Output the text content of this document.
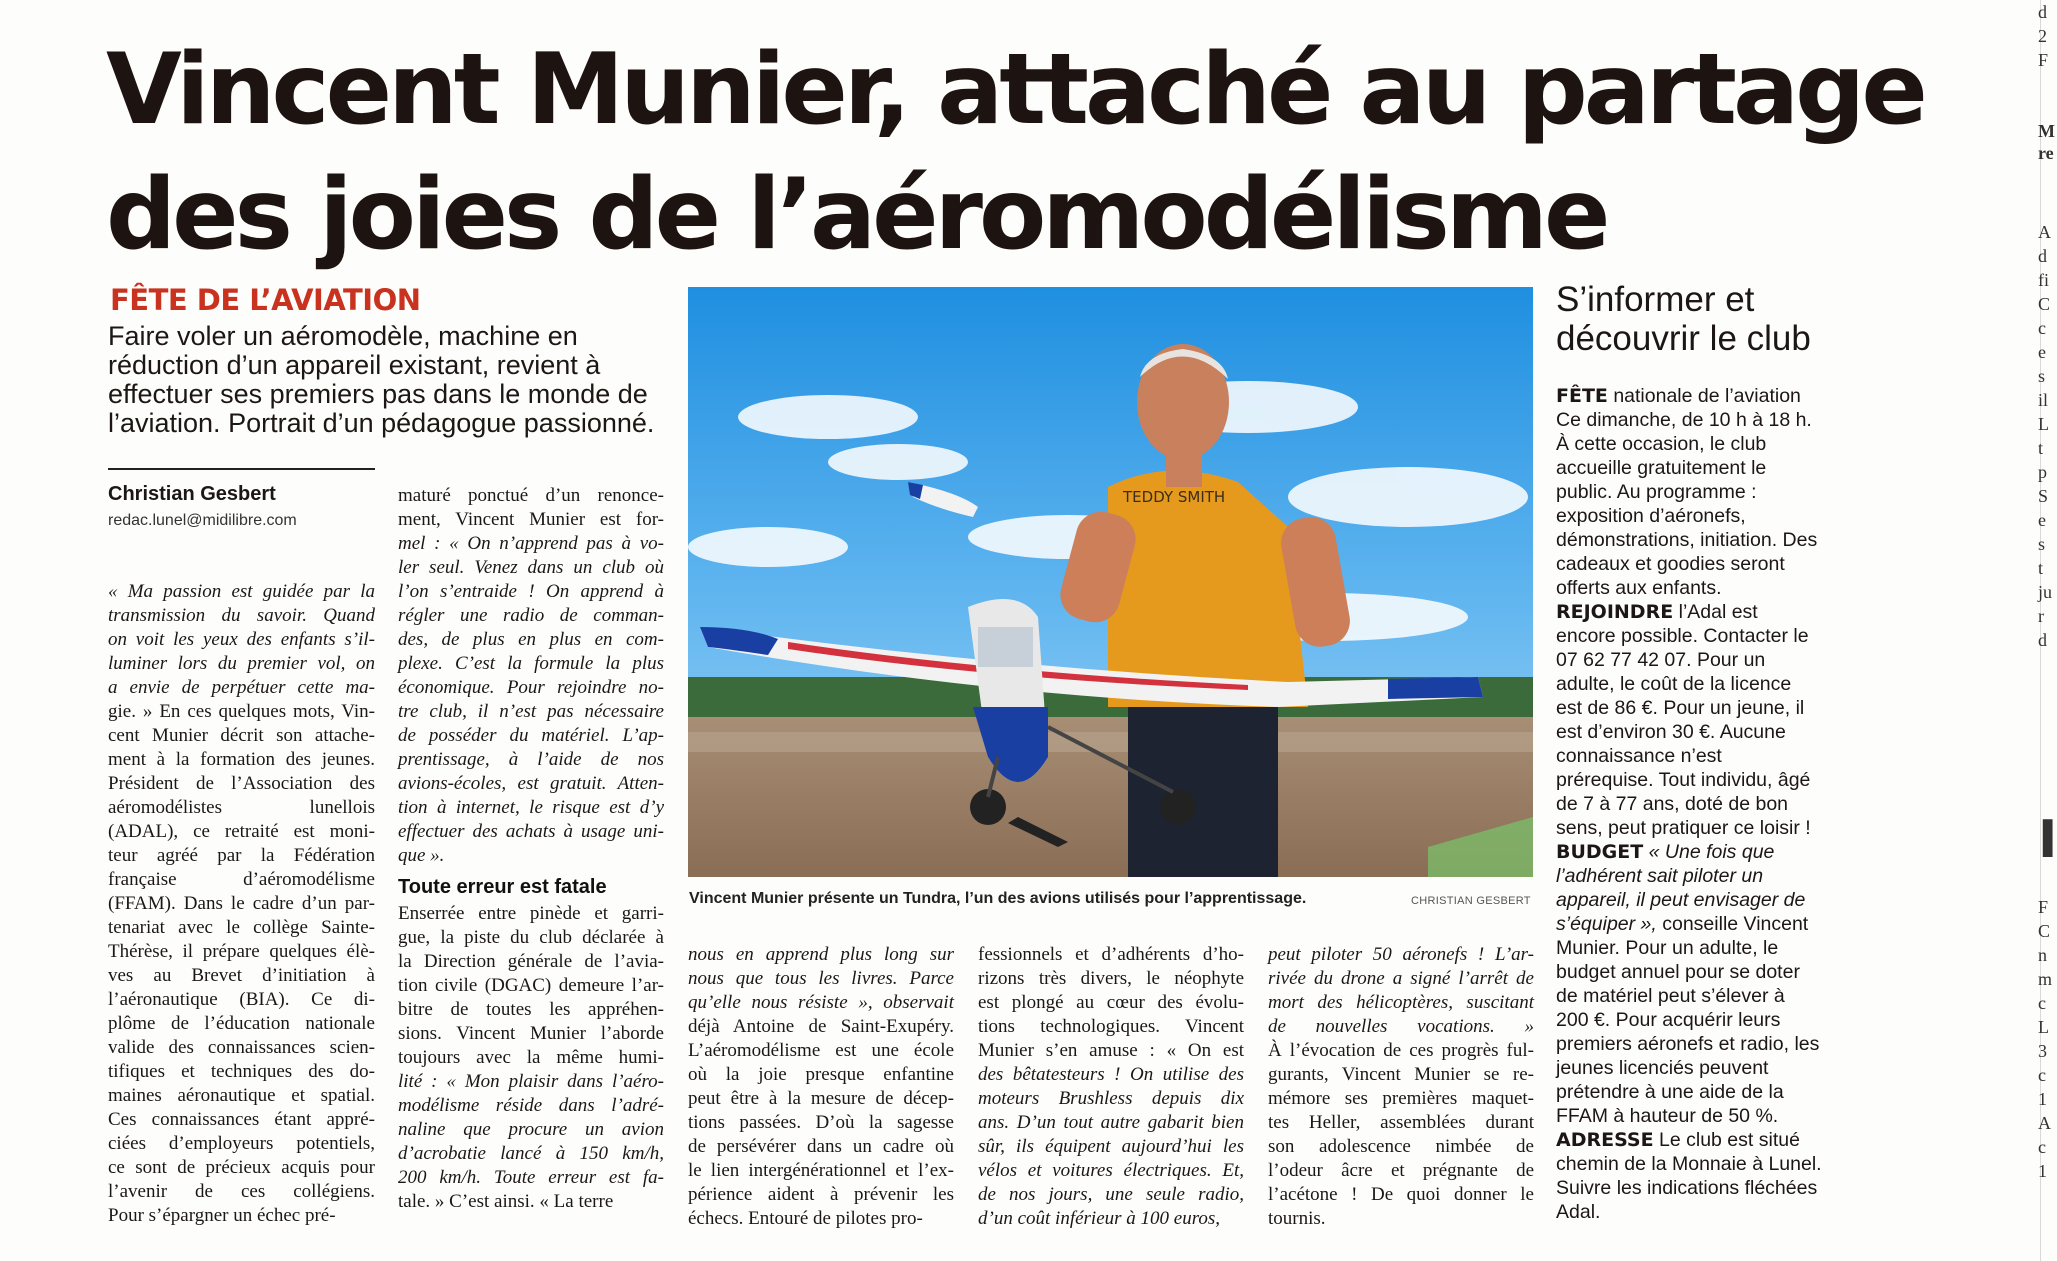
Vincent Munier, attaché au partage
des joies de l’aéromodélisme
FÊTE DE L’AVIATION

Faire voler un aéromodèle, machine en réduction d’un appareil existant, revient à effectuer ses premiers pas dans le monde de l’aviation. Portrait d’un pédagogue passionné.

Christian Gesbert
redac.lunel@midilibre.com
« Ma passion est guidée par la
transmission du savoir. Quand
on voit les yeux des enfants s’il-
luminer lors du premier vol, on
a envie de perpétuer cette ma-
gie. » En ces quelques mots, Vin-
cent Munier décrit son attache-
ment à la formation des jeunes.
Président de l’Association des
aéromodélistes lunellois
(ADAL), ce retraité est moni-
teur agréé par la Fédération
française d’aéromodélisme
(FFAM). Dans le cadre d’un par-
tenariat avec le collège Sainte-
Thérèse, il prépare quelques élè-
ves au Brevet d’initiation à
l’aéronautique (BIA). Ce di-
plôme de l’éducation nationale
valide des connaissances scien-
tifiques et techniques des do-
maines aéronautique et spatial.
Ces connaissances étant appré-
ciées d’employeurs potentiels,
ce sont de précieux acquis pour
l’avenir de ces collégiens.
Pour s’épargner un échec pré-
maturé ponctué d’un renonce-
ment, Vincent Munier est for-
mel : « On n’apprend pas à vo-
ler seul. Venez dans un club où
l’on s’entraide ! On apprend à
régler une radio de comman-
des, de plus en plus en com-
plexe. C’est la formule la plus
économique. Pour rejoindre no-
tre club, il n’est pas nécessaire
de posséder du matériel. L’ap-
prentissage, à l’aide de nos
avions-écoles, est gratuit. Atten-
tion à internet, le risque est d’y
effectuer des achats à usage uni-
que ».
Toute erreur est fatale
Enserrée entre pinède et garri-
gue, la piste du club déclarée à
la Direction générale de l’avia-
tion civile (DGAC) demeure l’ar-
bitre de toutes les appréhen-
sions. Vincent Munier l’aborde
toujours avec la même humi-
lité : « Mon plaisir dans l’aéro-
modélisme réside dans l’adré-
naline que procure un avion
d’acrobatie lancé à 150 km/h,
200 km/h. Toute erreur est fa-
tale. » C’est ainsi. « La terre
TEDDY SMITH
Vincent Munier présente un Tundra, l’un des avions utilisés pour l’apprentissage.	CHRISTIAN GESBERT
nous en apprend plus long sur
nous que tous les livres. Parce
qu’elle nous résiste », observait
déjà Antoine de Saint-Exupéry.
L’aéromodélisme est une école
où la joie presque enfantine
peut être à la mesure de décep-
tions passées. D’où la sagesse
de persévérer dans un cadre où
le lien intergénérationnel et l’ex-
périence aident à prévenir les
échecs. Entouré de pilotes pro-
fessionnels et d’adhérents d’ho-
rizons très divers, le néophyte
est plongé au cœur des évolu-
tions technologiques. Vincent
Munier s’en amuse : « On est
des bêtatesteurs ! On utilise des
moteurs Brushless depuis dix
ans. D’un tout autre gabarit bien
sûr, ils équipent aujourd’hui les
vélos et voitures électriques. Et,
de nos jours, une seule radio,
d’un coût inférieur à 100 euros,
peut piloter 50 aéronefs ! L’ar-
rivée du drone a signé l’arrêt de
mort des hélicoptères, suscitant
de nouvelles vocations. »
À l’évocation de ces progrès ful-
gurants, Vincent Munier se re-
mémore ses premières maquet-
tes Heller, assemblées durant
son adolescence nimbée de
l’odeur âcre et prégnante de
l’acétone ! De quoi donner le
tournis.
S’informer et découvrir le club
FÊTE nationale de l’aviation Ce dimanche, de 10 h à 18 h. À cette occasion, le club accueille gratuitement le public. Au programme : exposition d’aéronefs, démonstrations, initiation. Des cadeaux et goodies seront offerts aux enfants.
REJOINDRE l’Adal est encore possible. Contacter le 07 62 77 42 07. Pour un adulte, le coût de la licence est de 86 €. Pour un jeune, il est d’environ 30 €. Aucune connaissance n’est prérequise. Tout individu, âgé de 7 à 77 ans, doté de bon sens, peut pratiquer ce loisir !
BUDGET « Une fois que l’adhérent sait piloter un appareil, il peut envisager de s’équiper », conseille Vincent Munier. Pour un adulte, le budget annuel pour se doter de matériel peut s’élever à 200 €. Pour acquérir leurs premiers aéronefs et radio, les jeunes licenciés peuvent prétendre à une aide de la FFAM à hauteur de 50 %.
ADRESSE Le club est situé chemin de la Monnaie à Lunel. Suivre les indications fléchées Adal.
d
2
F
M
re
A
d
fi
C
c
e
s
il
L
t
p
S
e
s
t
ju
r
d
I
F
C
n
m
c
L
3
c
1
A
c
1
